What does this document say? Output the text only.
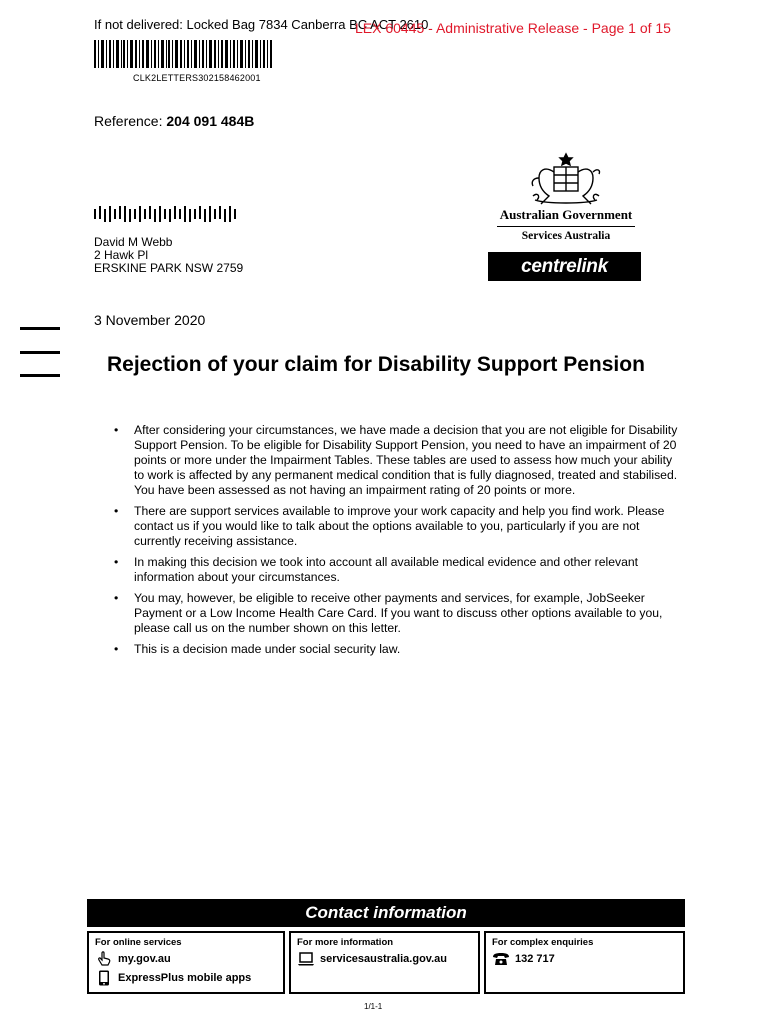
If not delivered: Locked Bag 7834 Canberra BC ACT 2610
LEX 60445 - Administrative Release - Page 1 of 15
CLK2LETTERS302158462001
Reference: 204 091 484B
David M Webb
2 Hawk Pl
ERSKINE PARK NSW 2759
Australian Government
Services Australia
centrelink
3 November 2020
Rejection of your claim for Disability Support Pension
• After considering your circumstances, we have made a decision that you are not eligible for Disability Support Pension. To be eligible for Disability Support Pension, you need to have an impairment of 20 points or more under the Impairment Tables. These tables are used to assess how much your ability to work is affected by any permanent medical condition that is fully diagnosed, treated and stabilised. You have been assessed as not having an impairment rating of 20 points or more.
• There are support services available to improve your work capacity and help you find work. Please contact us if you would like to talk about the options available to you, particularly if you are not currently receiving assistance.
• In making this decision we took into account all available medical evidence and other relevant information about your circumstances.
• You may, however, be eligible to receive other payments and services, for example, JobSeeker Payment or a Low Income Health Care Card. If you want to discuss other options available to you, please call us on the number shown on this letter.
• This is a decision made under social security law.
Contact information
For online services
my.gov.au
ExpressPlus mobile apps
For more information
servicesaustralia.gov.au
For complex enquiries
132 717
1/1-1
